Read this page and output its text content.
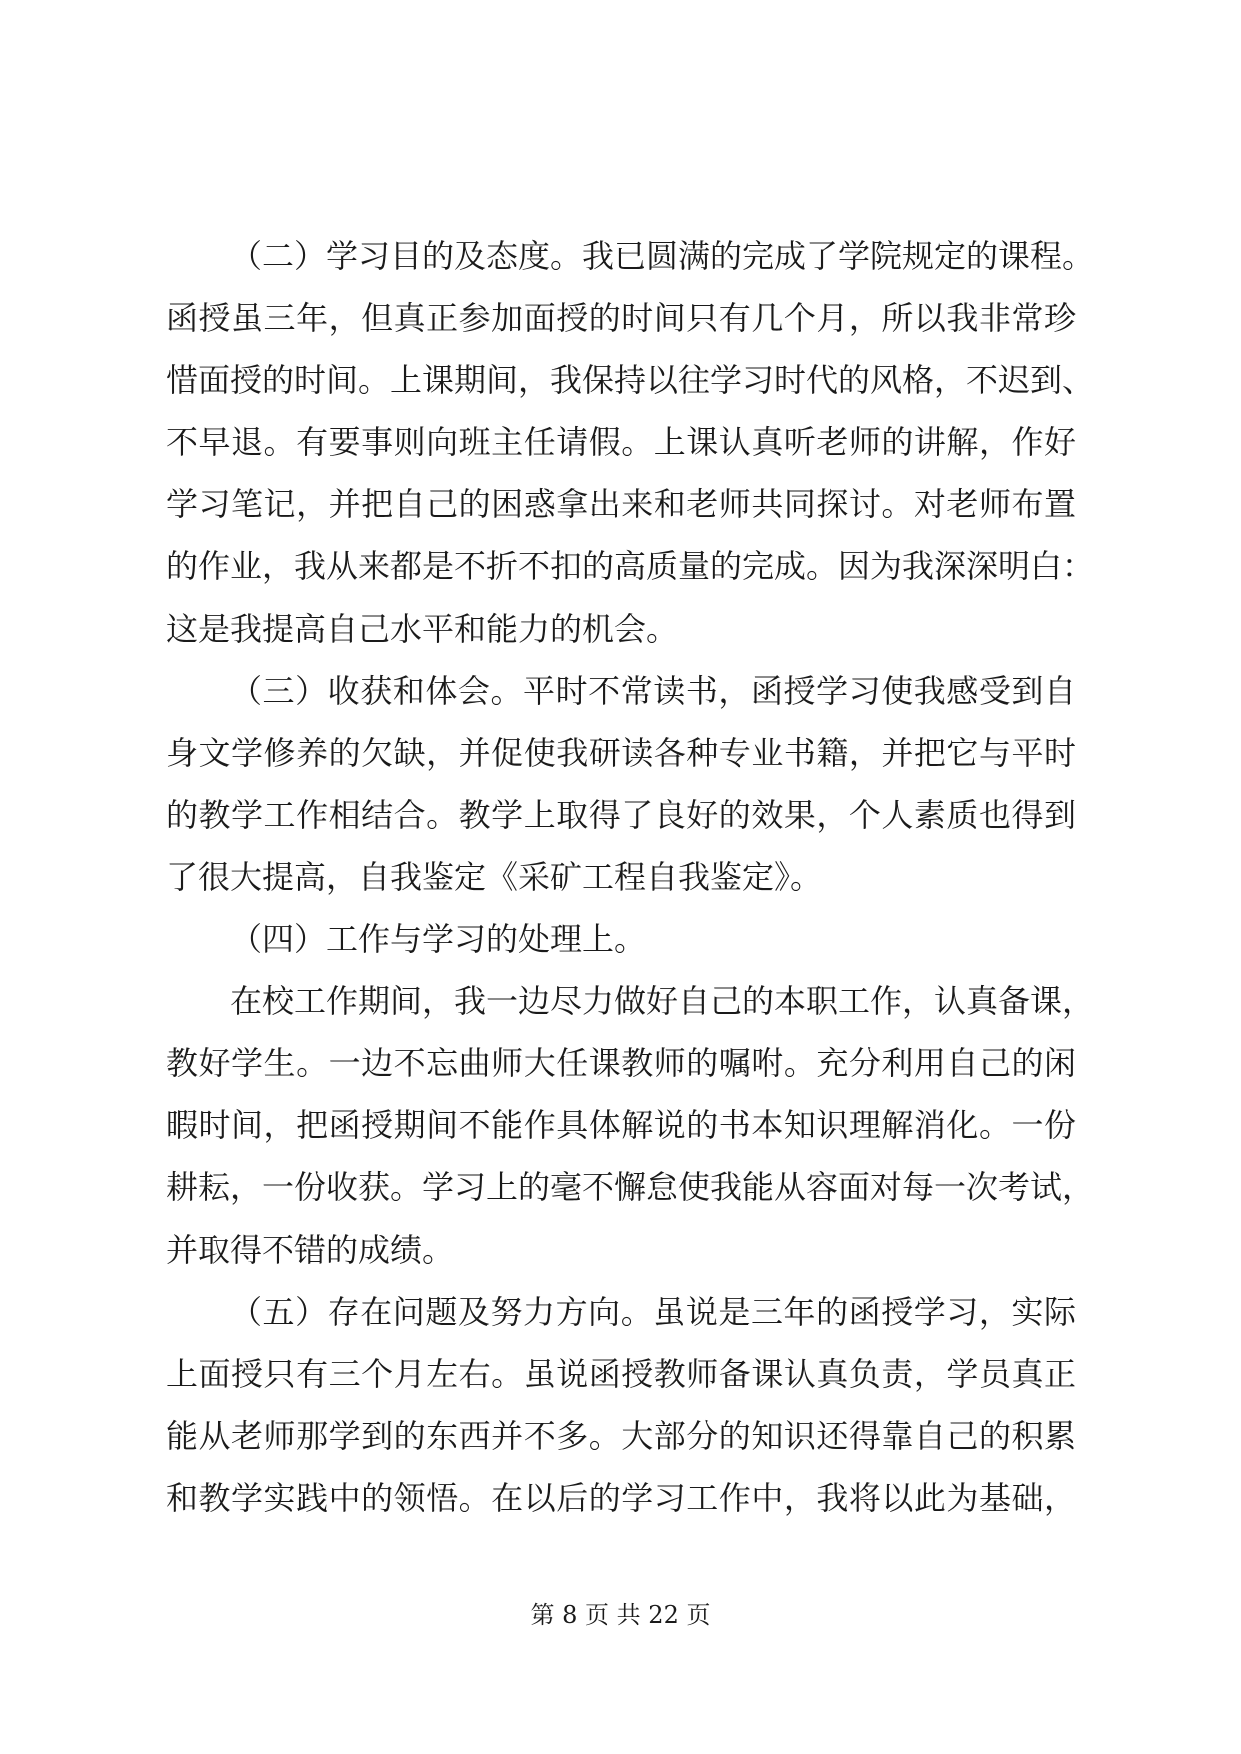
（二）学习目的及态度。我已圆满的完成了学院规定的课程。
函授虽三年，但真正参加面授的时间只有几个月，所以我非常珍
惜面授的时间。上课期间，我保持以往学习时代的风格，不迟到、
不早退。有要事则向班主任请假。上课认真听老师的讲解，作好
学习笔记，并把自己的困惑拿出来和老师共同探讨。对老师布置
的作业，我从来都是不折不扣的高质量的完成。因为我深深明白：
这是我提高自己水平和能力的机会。
（三）收获和体会。平时不常读书，函授学习使我感受到自
身文学修养的欠缺，并促使我研读各种专业书籍，并把它与平时
的教学工作相结合。教学上取得了良好的效果，个人素质也得到
了很大提高，自我鉴定《采矿工程自我鉴定》。
（四）工作与学习的处理上。
在校工作期间，我一边尽力做好自己的本职工作，认真备课，
教好学生。一边不忘曲师大任课教师的嘱咐。充分利用自己的闲
暇时间，把函授期间不能作具体解说的书本知识理解消化。一份
耕耘，一份收获。学习上的毫不懈怠使我能从容面对每一次考试，
并取得不错的成绩。
（五）存在问题及努力方向。虽说是三年的函授学习，实际
上面授只有三个月左右。虽说函授教师备课认真负责，学员真正
能从老师那学到的东西并不多。大部分的知识还得靠自己的积累
和教学实践中的领悟。在以后的学习工作中，我将以此为基础，
第 8 页 共 22 页
